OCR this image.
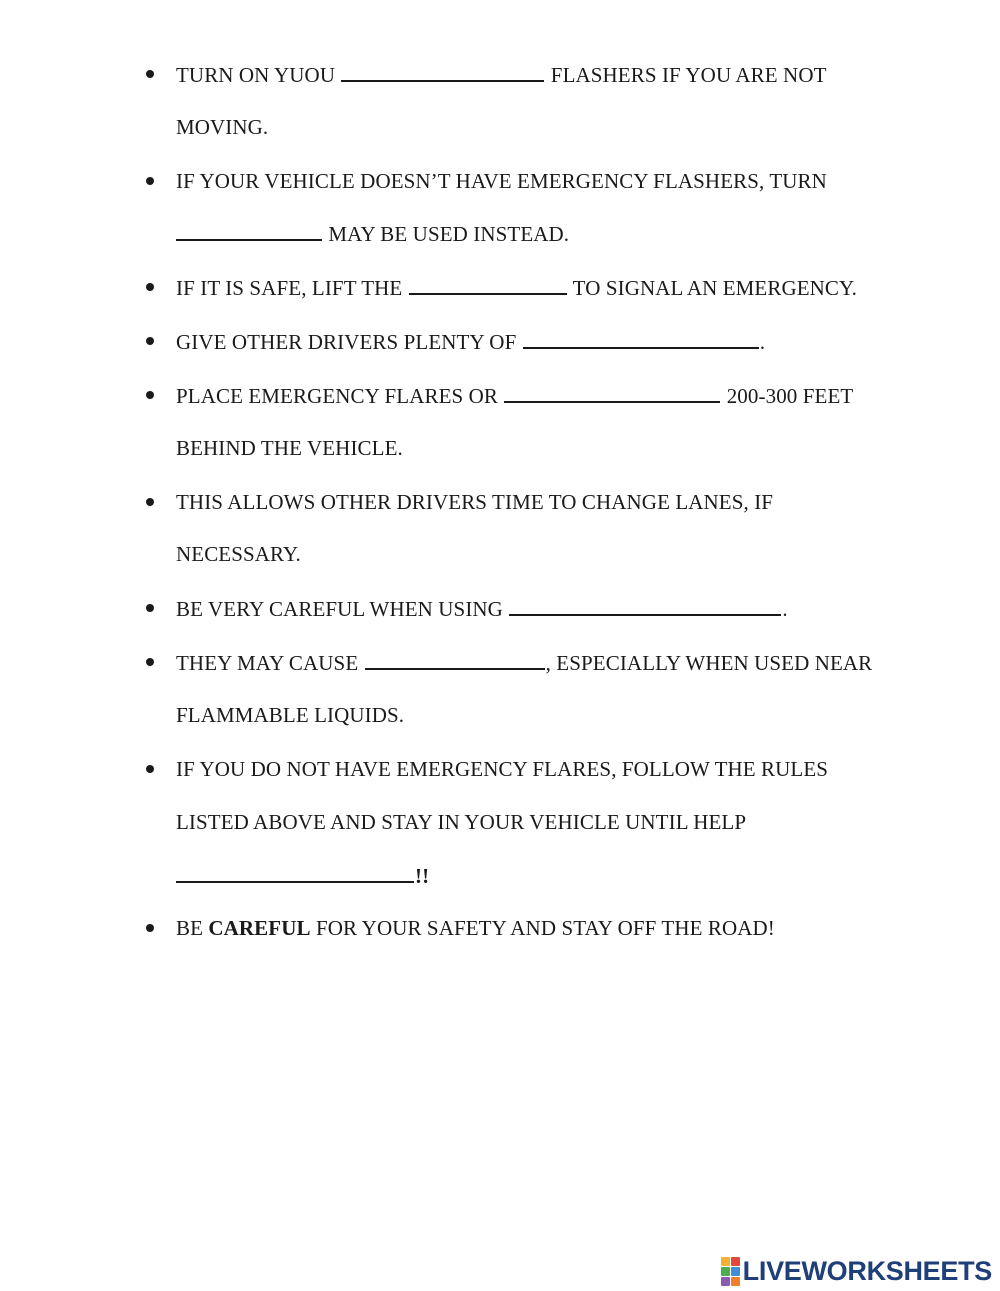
TURN ON YUOU	FLASHERS IF YOU ARE NOT
MOVING.
IF YOUR VEHICLE DOESN’T HAVE EMERGENCY FLASHERS, TURN
MAY BE USED INSTEAD.
IF IT IS SAFE, LIFT THE	TO SIGNAL AN EMERGENCY.
GIVE OTHER DRIVERS PLENTY OF	.
PLACE EMERGENCY FLARES OR	200-300 FEET
BEHIND THE VEHICLE.
THIS ALLOWS OTHER DRIVERS TIME TO CHANGE LANES, IF
NECESSARY.
BE VERY CAREFUL WHEN USING	.
THEY MAY CAUSE	, ESPECIALLY WHEN USED NEAR
FLAMMABLE LIQUIDS.
IF YOU DO NOT HAVE EMERGENCY FLARES, FOLLOW THE RULES
LISTED ABOVE AND STAY IN YOUR VEHICLE UNTIL HELP
!!
BE CAREFUL FOR YOUR SAFETY AND STAY OFF THE ROAD!
LIVEWORKSHEETS
